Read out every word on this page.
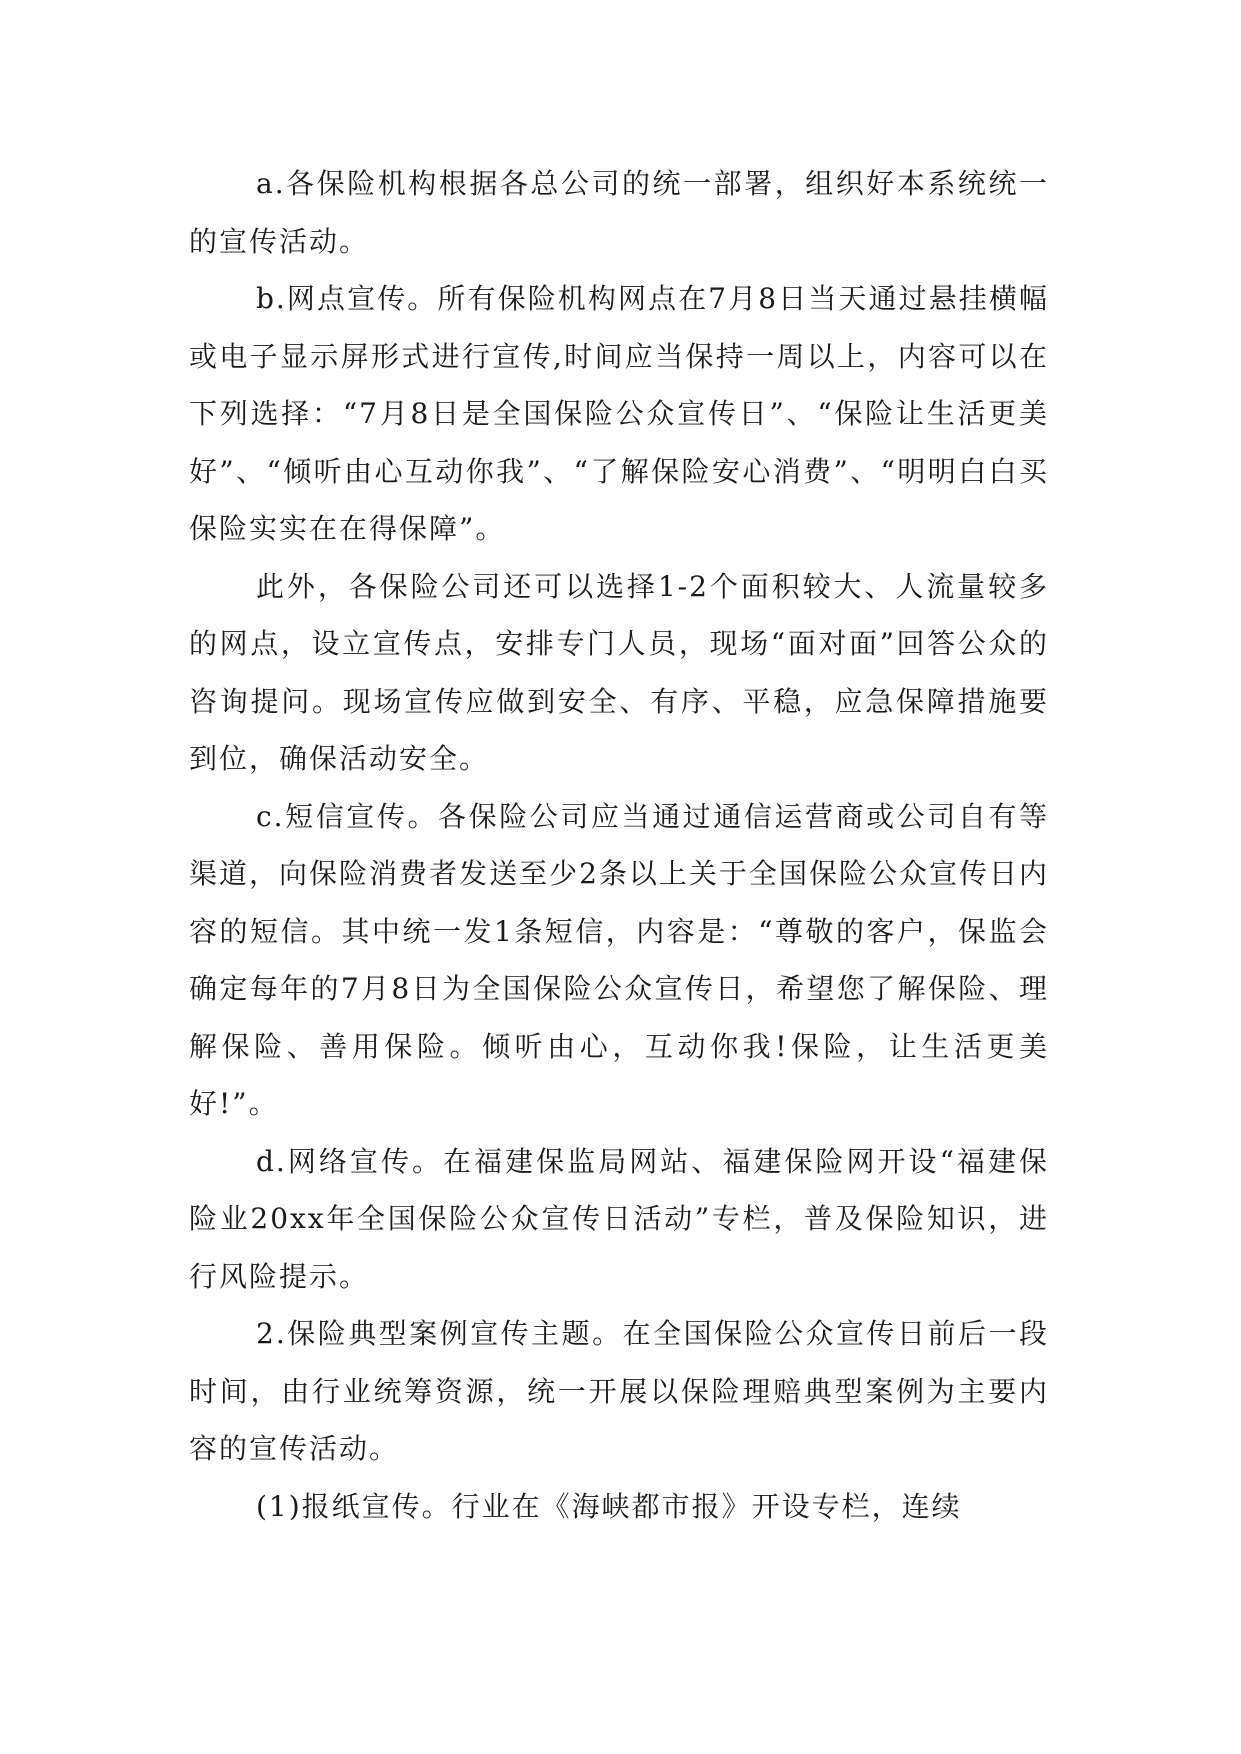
a.各保险机构根据各总公司的统一部署，组织好本系统统一的宣传活动。

b.网点宣传。所有保险机构网点在7月8日当天通过悬挂横幅或电子显示屏形式进行宣传,时间应当保持一周以上，内容可以在下列选择：“7月8日是全国保险公众宣传日”、“保险让生活更美好”、“倾听由心互动你我”、“了解保险安心消费”、“明明白白买保险实实在在得保障”。

此外，各保险公司还可以选择1-2个面积较大、人流量较多的网点，设立宣传点，安排专门人员，现场“面对面”回答公众的咨询提问。现场宣传应做到安全、有序、平稳，应急保障措施要到位，确保活动安全。

c.短信宣传。各保险公司应当通过通信运营商或公司自有等渠道，向保险消费者发送至少2条以上关于全国保险公众宣传日内容的短信。其中统一发1条短信，内容是：“尊敬的客户，保监会确定每年的7月8日为全国保险公众宣传日，希望您了解保险、理解保险、善用保险。倾听由心，互动你我!保险，让生活更美好!”。

d.网络宣传。在福建保监局网站、福建保险网开设“福建保险业20xx年全国保险公众宣传日活动”专栏，普及保险知识，进行风险提示。

2.保险典型案例宣传主题。在全国保险公众宣传日前后一段时间，由行业统筹资源，统一开展以保险理赔典型案例为主要内容的宣传活动。

(1)报纸宣传。行业在《海峡都市报》开设专栏，连续
